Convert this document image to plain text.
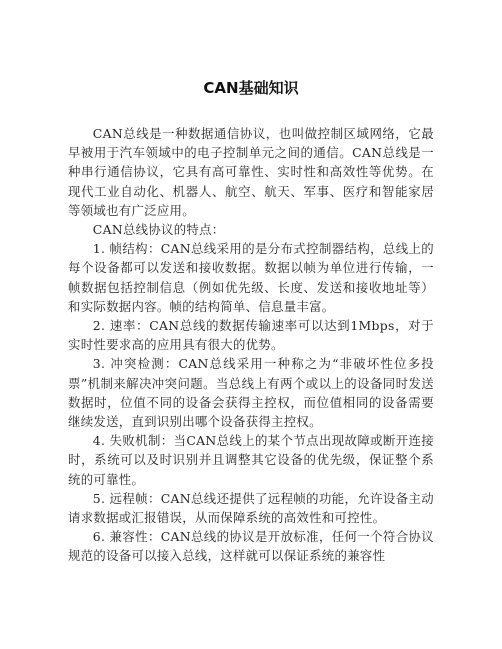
CAN基础知识

CAN总线是一种数据通信协议，也叫做控制区域网络，它最早被用于汽车领域中的电子控制单元之间的通信。CAN总线是一种串行通信协议，它具有高可靠性、实时性和高效性等优势。在现代工业自动化、机器人、航空、航天、军事、医疗和智能家居等领域也有广泛应用。

CAN总线协议的特点：

1. 帧结构：CAN总线采用的是分布式控制器结构，总线上的每个设备都可以发送和接收数据。数据以帧为单位进行传输，一帧数据包括控制信息（例如优先级、长度、发送和接收地址等）和实际数据内容。帧的结构简单、信息量丰富。

2. 速率：CAN总线的数据传输速率可以达到1Mbps，对于实时性要求高的应用具有很大的优势。

3. 冲突检测：CAN总线采用一种称之为“非破坏性位多投票”机制来解决冲突问题。当总线上有两个或以上的设备同时发送数据时，位值不同的设备会获得主控权，而位值相同的设备需要继续发送，直到识别出哪个设备获得主控权。

4. 失败机制：当CAN总线上的某个节点出现故障或断开连接时，系统可以及时识别并且调整其它设备的优先级，保证整个系统的可靠性。

5. 远程帧：CAN总线还提供了远程帧的功能，允许设备主动请求数据或汇报错误，从而保障系统的高效性和可控性。

6. 兼容性：CAN总线的协议是开放标准，任何一个符合协议规范的设备可以接入总线，这样就可以保证系统的兼容性
